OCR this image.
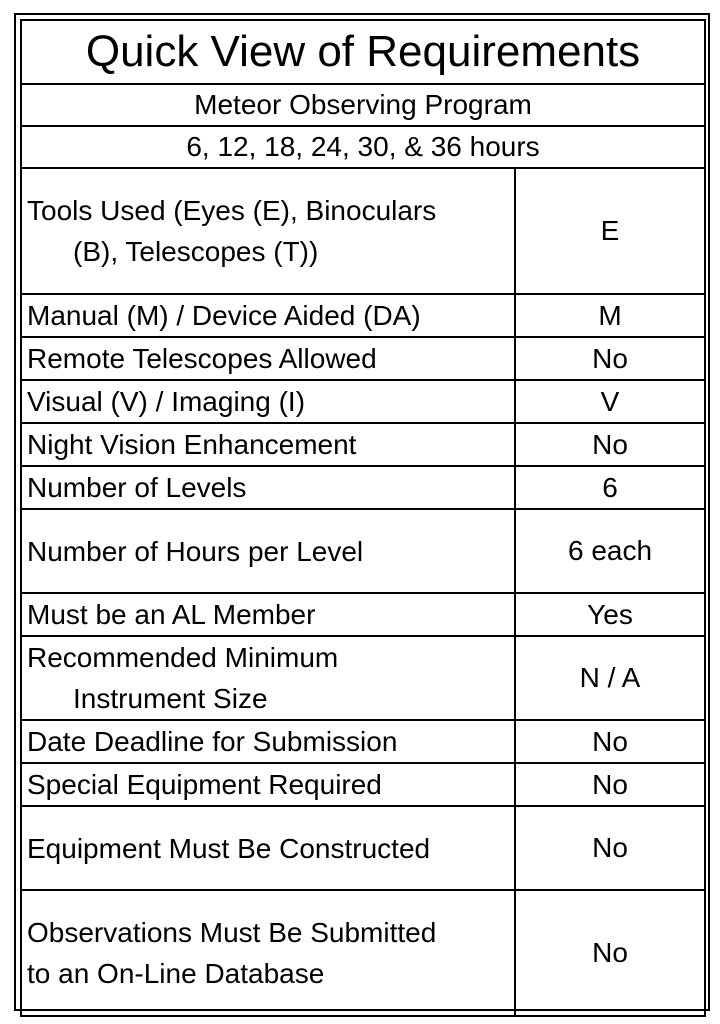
Quick View of Requirements	
Meteor Observing Program	
6, 12, 18, 24, 30, & 36 hours	

Tools Used (Eyes (E), Binoculars
(B), Telescopes (T))	E
Manual (M) / Device Aided (DA)	M
Remote Telescopes Allowed	No
Visual (V) / Imaging (I)	V
Night Vision Enhancement	No
Number of Levels	6
Number of Hours per Level	6 each
Must be an AL Member	Yes

Recommended Minimum
Instrument Size	N / A
Date Deadline for Submission	No
Special Equipment Required	No
Equipment Must Be Constructed	No

Observations Must Be Submitted
to an On-Line Database	No
